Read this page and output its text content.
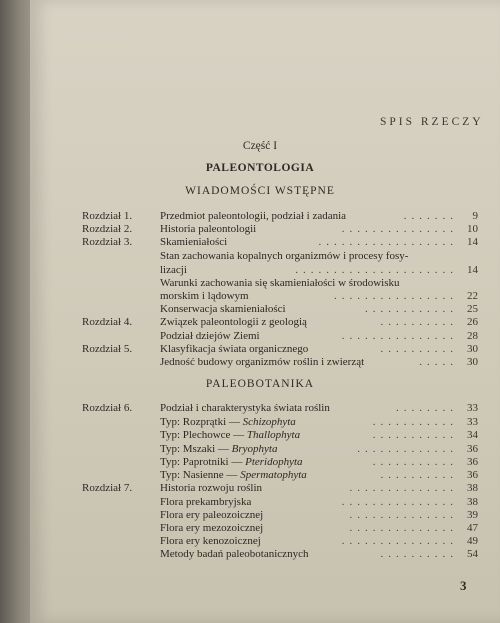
SPIS RZECZY
Część I
PALEONTOLOGIA
WIADOMOŚCI WSTĘPNE
PALEOBOTANIKA
Rozdział 1.	Przedmiot paleontologii, podział i zadania	9
.......
Rozdział 2.	Historia paleontologii	10
...............
Rozdział 3.	Skamieniałości	14
..................
Stan zachowania kopalnych organizmów i procesy fosy-
lizacji	14
.....................
Warunki zachowania się skamieniałości w środowisku
morskim i lądowym	22
................
Konserwacja skamieniałości	25
............
Rozdział 4.	Związek paleontologii z geologią	26
..........
Podział dziejów Ziemi	28
...............
Rozdział 5.	Klasyfikacja świata organicznego	30
..........
Jedność budowy organizmów roślin i zwierząt	30
.....
Rozdział 6.	Podział i charakterystyka świata roślin	33
........
Typ: Rozprątki — Schizophyta	33
...........
Typ: Plechowce — Thallophyta	34
...........
Typ: Mszaki — Bryophyta	36
.............
Typ: Paprotniki — Pteridophyta	36
...........
Typ: Nasienne — Spermatophyta	36
..........
Rozdział 7.	Historia rozwoju roślin	38
..............
Flora prekambryjska	38
...............
Flora ery paleozoicznej	39
..............
Flora ery mezozoicznej	47
..............
Flora ery kenozoicznej	49
...............
Metody badań paleobotanicznych	54
..........
3
